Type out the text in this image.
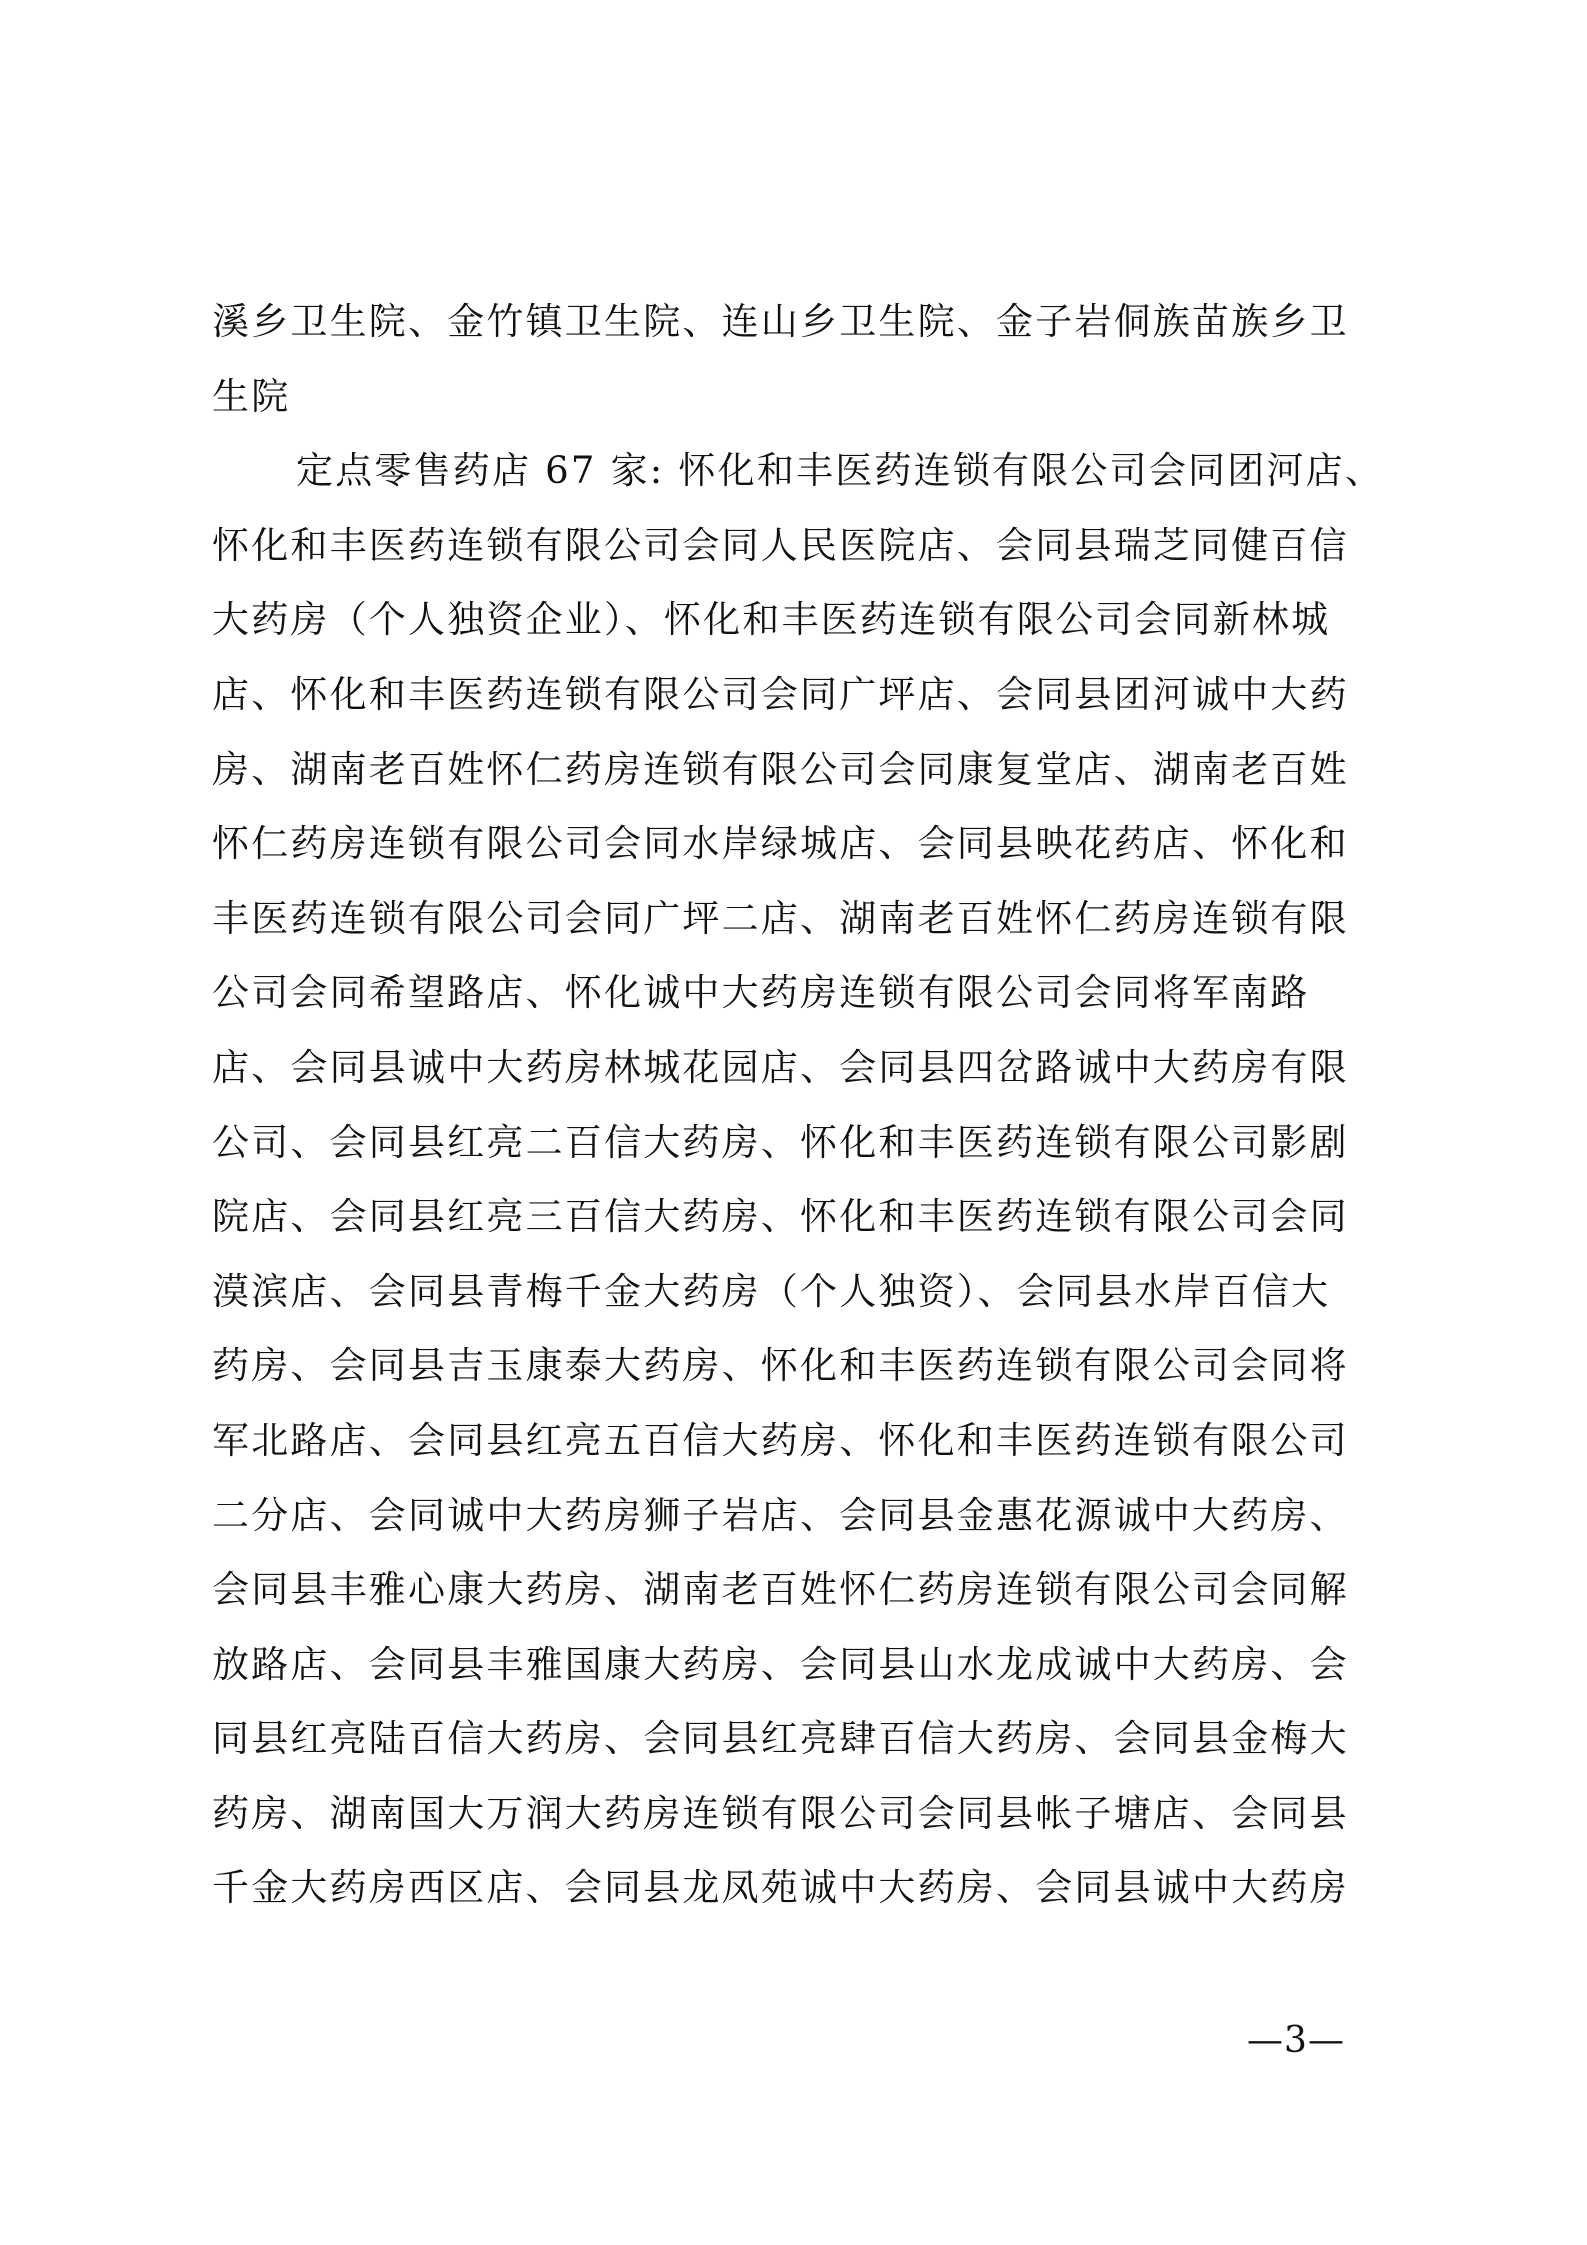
溪乡卫生院、金竹镇卫生院、连山乡卫生院、金子岩侗族苗族乡卫
生院
定点零售药店 67 家: 怀化和丰医药连锁有限公司会同团河店、
怀化和丰医药连锁有限公司会同人民医院店、会同县瑞芝同健百信
大药房（个人独资企业）、怀化和丰医药连锁有限公司会同新林城
店、怀化和丰医药连锁有限公司会同广坪店、会同县团河诚中大药
房、湖南老百姓怀仁药房连锁有限公司会同康复堂店、湖南老百姓
怀仁药房连锁有限公司会同水岸绿城店、会同县映花药店、怀化和
丰医药连锁有限公司会同广坪二店、湖南老百姓怀仁药房连锁有限
公司会同希望路店、怀化诚中大药房连锁有限公司会同将军南路
店、会同县诚中大药房林城花园店、会同县四岔路诚中大药房有限
公司、会同县红亮二百信大药房、怀化和丰医药连锁有限公司影剧
院店、会同县红亮三百信大药房、怀化和丰医药连锁有限公司会同
漠滨店、会同县青梅千金大药房（个人独资）、会同县水岸百信大
药房、会同县吉玉康泰大药房、怀化和丰医药连锁有限公司会同将
军北路店、会同县红亮五百信大药房、怀化和丰医药连锁有限公司
二分店、会同诚中大药房狮子岩店、会同县金惠花源诚中大药房、
会同县丰雅心康大药房、湖南老百姓怀仁药房连锁有限公司会同解
放路店、会同县丰雅国康大药房、会同县山水龙成诚中大药房、会
同县红亮陆百信大药房、会同县红亮肆百信大药房、会同县金梅大
药房、湖南国大万润大药房连锁有限公司会同县帐子塘店、会同县
千金大药房西区店、会同县龙凤苑诚中大药房、会同县诚中大药房
—3—
